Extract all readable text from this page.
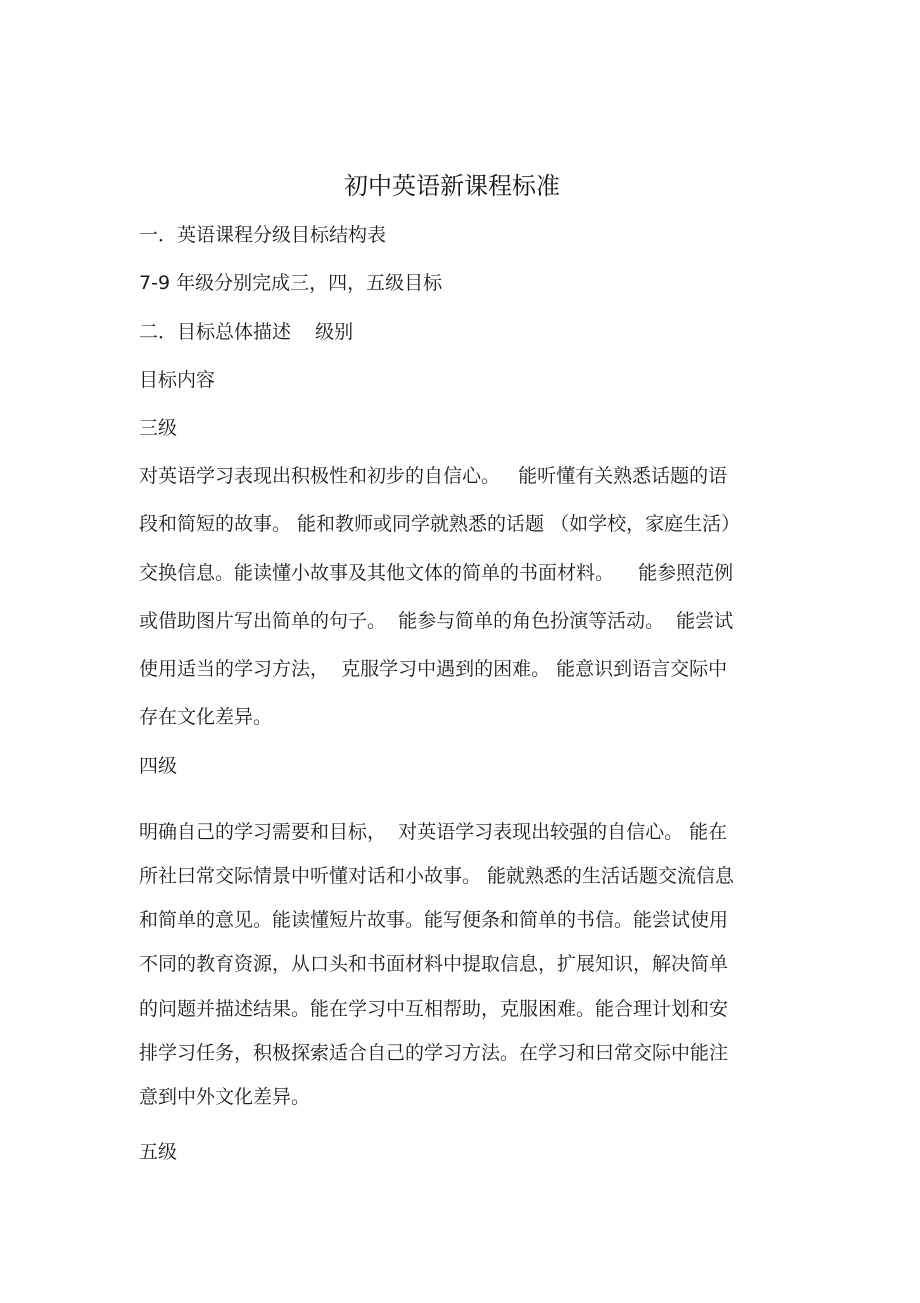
初中英语新课程标准
一．英语课程分级目标结构表
7-9 年级分别完成三，四，五级目标
二．目标总体描述    级别
目标内容
三级
对英语学习表现出积极性和初步的自信心。   能听懂有关熟悉话题的语
段和简短的故事。 能和教师或同学就熟悉的话题 （如学校，家庭生活）
交换信息。能读懂小故事及其他文体的简单的书面材料。    能参照范例
或借助图片写出简单的句子。  能参与简单的角色扮演等活动。  能尝试
使用适当的学习方法，  克服学习中遇到的困难。 能意识到语言交际中
存在文化差异。
四级
明确自己的学习需要和目标，  对英语学习表现出较强的自信心。 能在
所社曰常交际情景中听懂对话和小故事。 能就熟悉的生活话题交流信息
和简单的意见。能读懂短片故事。能写便条和简单的书信。能尝试使用
不同的教育资源，从口头和书面材料中提取信息，扩展知识，解决简单
的问题并描述结果。能在学习中互相帮助，克服困难。能合理计划和安
排学习任务，积极探索适合自己的学习方法。在学习和曰常交际中能注
意到中外文化差异。
五级
